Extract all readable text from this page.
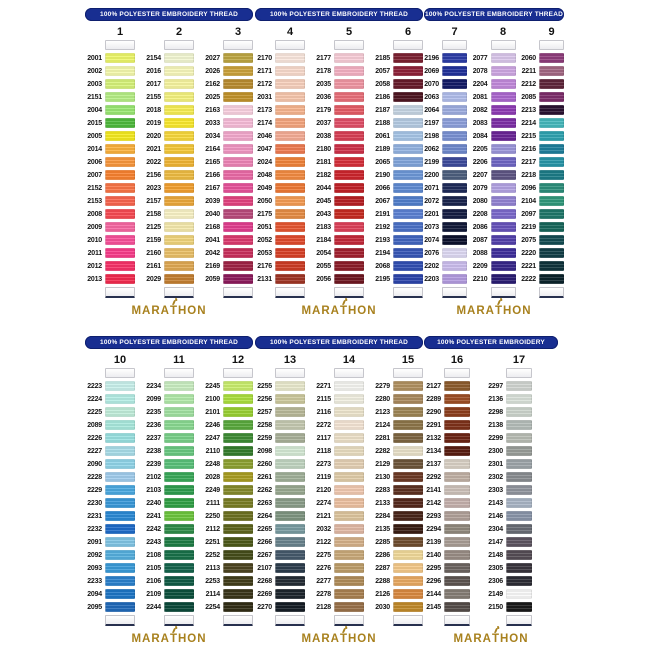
100% POLYESTER EMBROIDERY THREAD
1
2001
2002
2003
2151
2004
2015
2005
2014
2006
2007
2152
2153
2008
2009
2010
2011
2012
2013
2
2154
2016
2017
2155
2018
2019
2020
2021
2022
2156
2023
2157
2158
2125
2159
2160
2161
2029
3
2027
2026
2162
2025
2163
2033
2034
2164
2165
2166
2167
2039
2040
2168
2041
2042
2169
2059
MARAT
HON
100% POLYESTER EMBROIDERY THREAD
4
2170
2171
2172
2031
2173
2174
2046
2047
2024
2048
2049
2050
2175
2051
2052
2053
2176
2131
5
2177
2178
2035
2036
2179
2037
2038
2180
2181
2182
2044
2045
2043
2183
2184
2054
2055
2056
6
2185
2057
2058
2186
2187
2188
2061
2189
2065
2190
2066
2067
2191
2192
2193
2194
2068
2195
MARAT
HON
100% POLYESTER EMBROIDERY THREAD
7
2196
2069
2070
2063
2064
2197
2198
2062
2199
2200
2071
2072
2201
2073
2074
2076
2202
2203
8
2077
2078
2204
2081
2082
2083
2084
2205
2206
2207
2079
2080
2208
2086
2087
2088
2209
2210
9
2060
2211
2212
2085
2213
2214
2215
2216
2217
2218
2096
2104
2097
2219
2075
2220
2221
2222
MARAT
HON
100% POLYESTER EMBROIDERY THREAD
10
2223
2224
2225
2089
2226
2227
2090
2228
2229
2230
2231
2232
2091
2092
2093
2233
2094
2095
11
2234
2099
2235
2236
2237
2238
2239
2102
2103
2240
2241
2242
2243
2108
2105
2106
2109
2244
12
2245
2100
2101
2246
2247
2110
2248
2028
2249
2111
2250
2112
2251
2252
2113
2253
2114
2254
MARAT
HON
100% POLYESTER EMBROIDERY THREAD
13
2255
2256
2257
2258
2259
2098
2260
2261
2262
2263
2264
2265
2266
2267
2107
2268
2269
2270
14
2271
2115
2116
2272
2117
2118
2273
2119
2120
2274
2121
2032
2122
2275
2276
2277
2278
2128
15
2279
2280
2123
2124
2281
2282
2129
2130
2283
2133
2284
2135
2285
2286
2287
2288
2126
2030
MARAT
HON
100% POLYESTER EMBROIDERY THREAD
16
2127
2289
2290
2291
2132
2134
2137
2292
2141
2142
2293
2294
2139
2140
2295
2296
2144
2145
17
2297
2136
2298
2138
2299
2300
2301
2302
2303
2143
2146
2304
2147
2148
2305
2306
2149
2150
MARAT
HON
